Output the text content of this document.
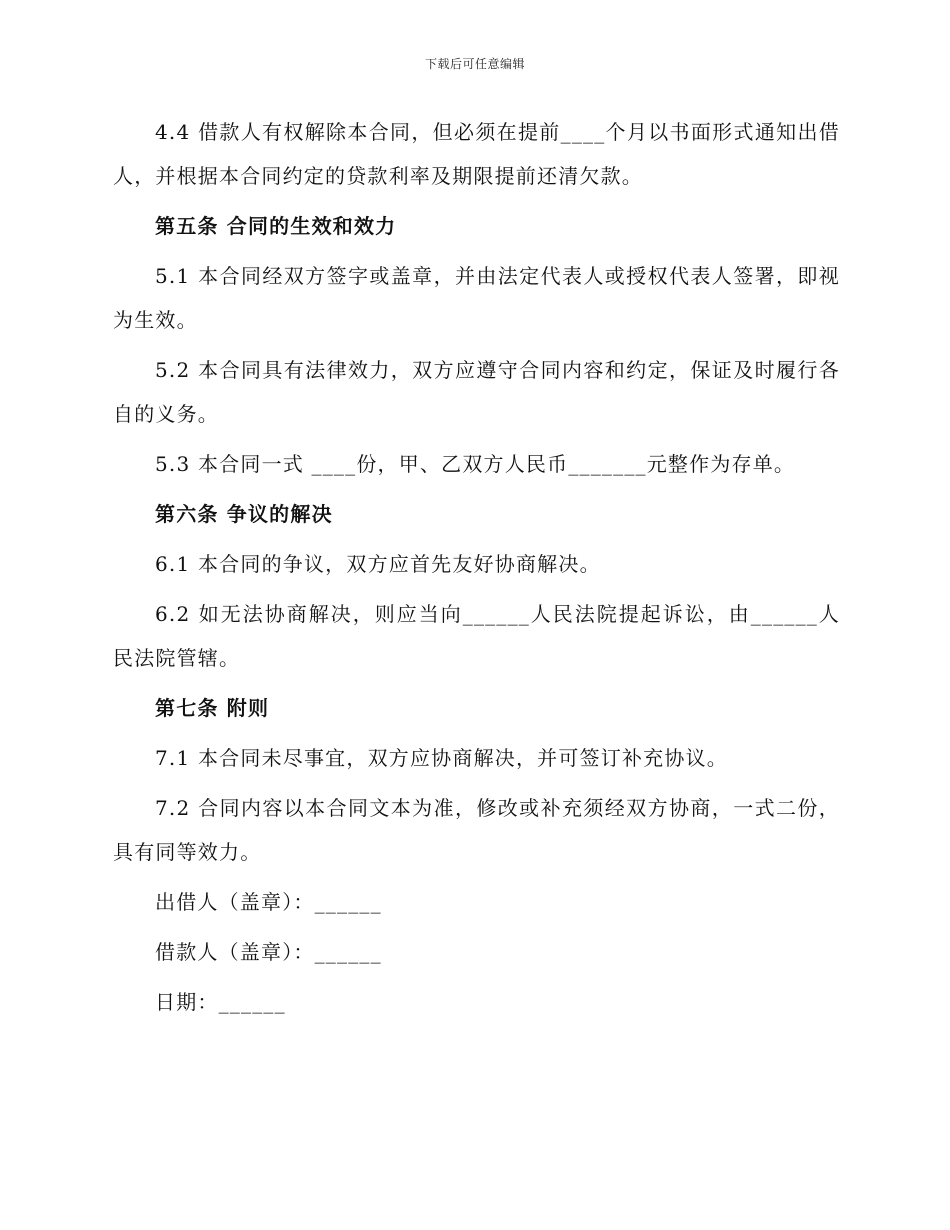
下载后可任意编辑

4.4 借款人有权解除本合同，但必须在提前____个月以书面形式通知出借人，并根据本合同约定的贷款利率及期限提前还清欠款。

第五条 合同的生效和效力

5.1 本合同经双方签字或盖章，并由法定代表人或授权代表人签署，即视为生效。

5.2 本合同具有法律效力，双方应遵守合同内容和约定，保证及时履行各自的义务。

5.3 本合同一式 ____份，甲、乙双方人民币_______元整作为存单。

第六条 争议的解决

6.1 本合同的争议，双方应首先友好协商解决。

6.2 如无法协商解决，则应当向______人民法院提起诉讼，由______人民法院管辖。

第七条 附则

7.1 本合同未尽事宜，双方应协商解决，并可签订补充协议。

7.2 合同内容以本合同文本为准，修改或补充须经双方协商，一式二份，具有同等效力。

出借人（盖章）：______

借款人（盖章）：______

日期：______
